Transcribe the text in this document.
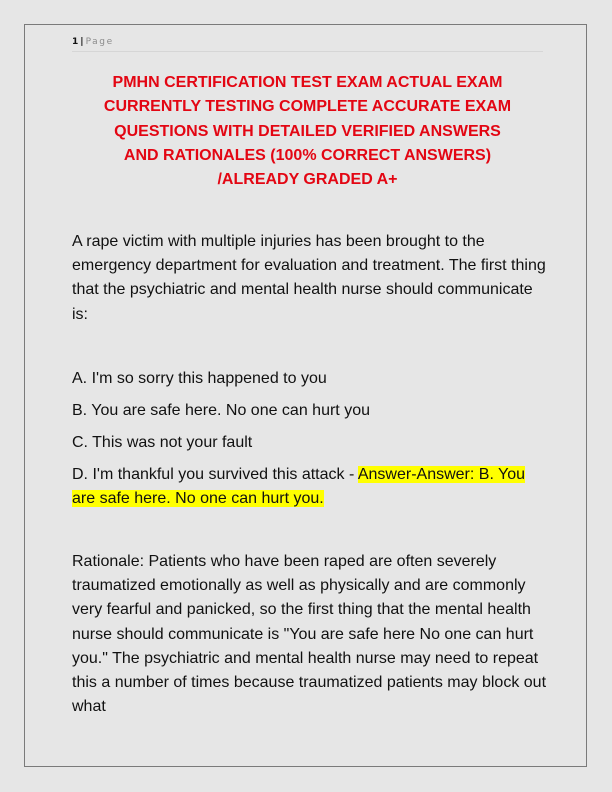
1 | Page
PMHN CERTIFICATION TEST EXAM ACTUAL EXAM
CURRENTLY TESTING COMPLETE ACCURATE EXAM
QUESTIONS WITH DETAILED VERIFIED ANSWERS
AND RATIONALES (100% CORRECT ANSWERS)
/ALREADY GRADED A+
A rape victim with multiple injuries has been brought to the emergency department for evaluation and treatment. The first thing that the psychiatric and mental health nurse should communicate is:
A. I'm so sorry this happened to you
B. You are safe here. No one can hurt you
C. This was not your fault
D. I'm thankful you survived this attack - Answer-Answer: B. You are safe here. No one can hurt you.
Rationale: Patients who have been raped are often severely traumatized emotionally as well as physically and are commonly very fearful and panicked, so the first thing that the mental health nurse should communicate is "You are safe here No one can hurt you." The psychiatric and mental health nurse may need to repeat this a number of times because traumatized patients may block out what
